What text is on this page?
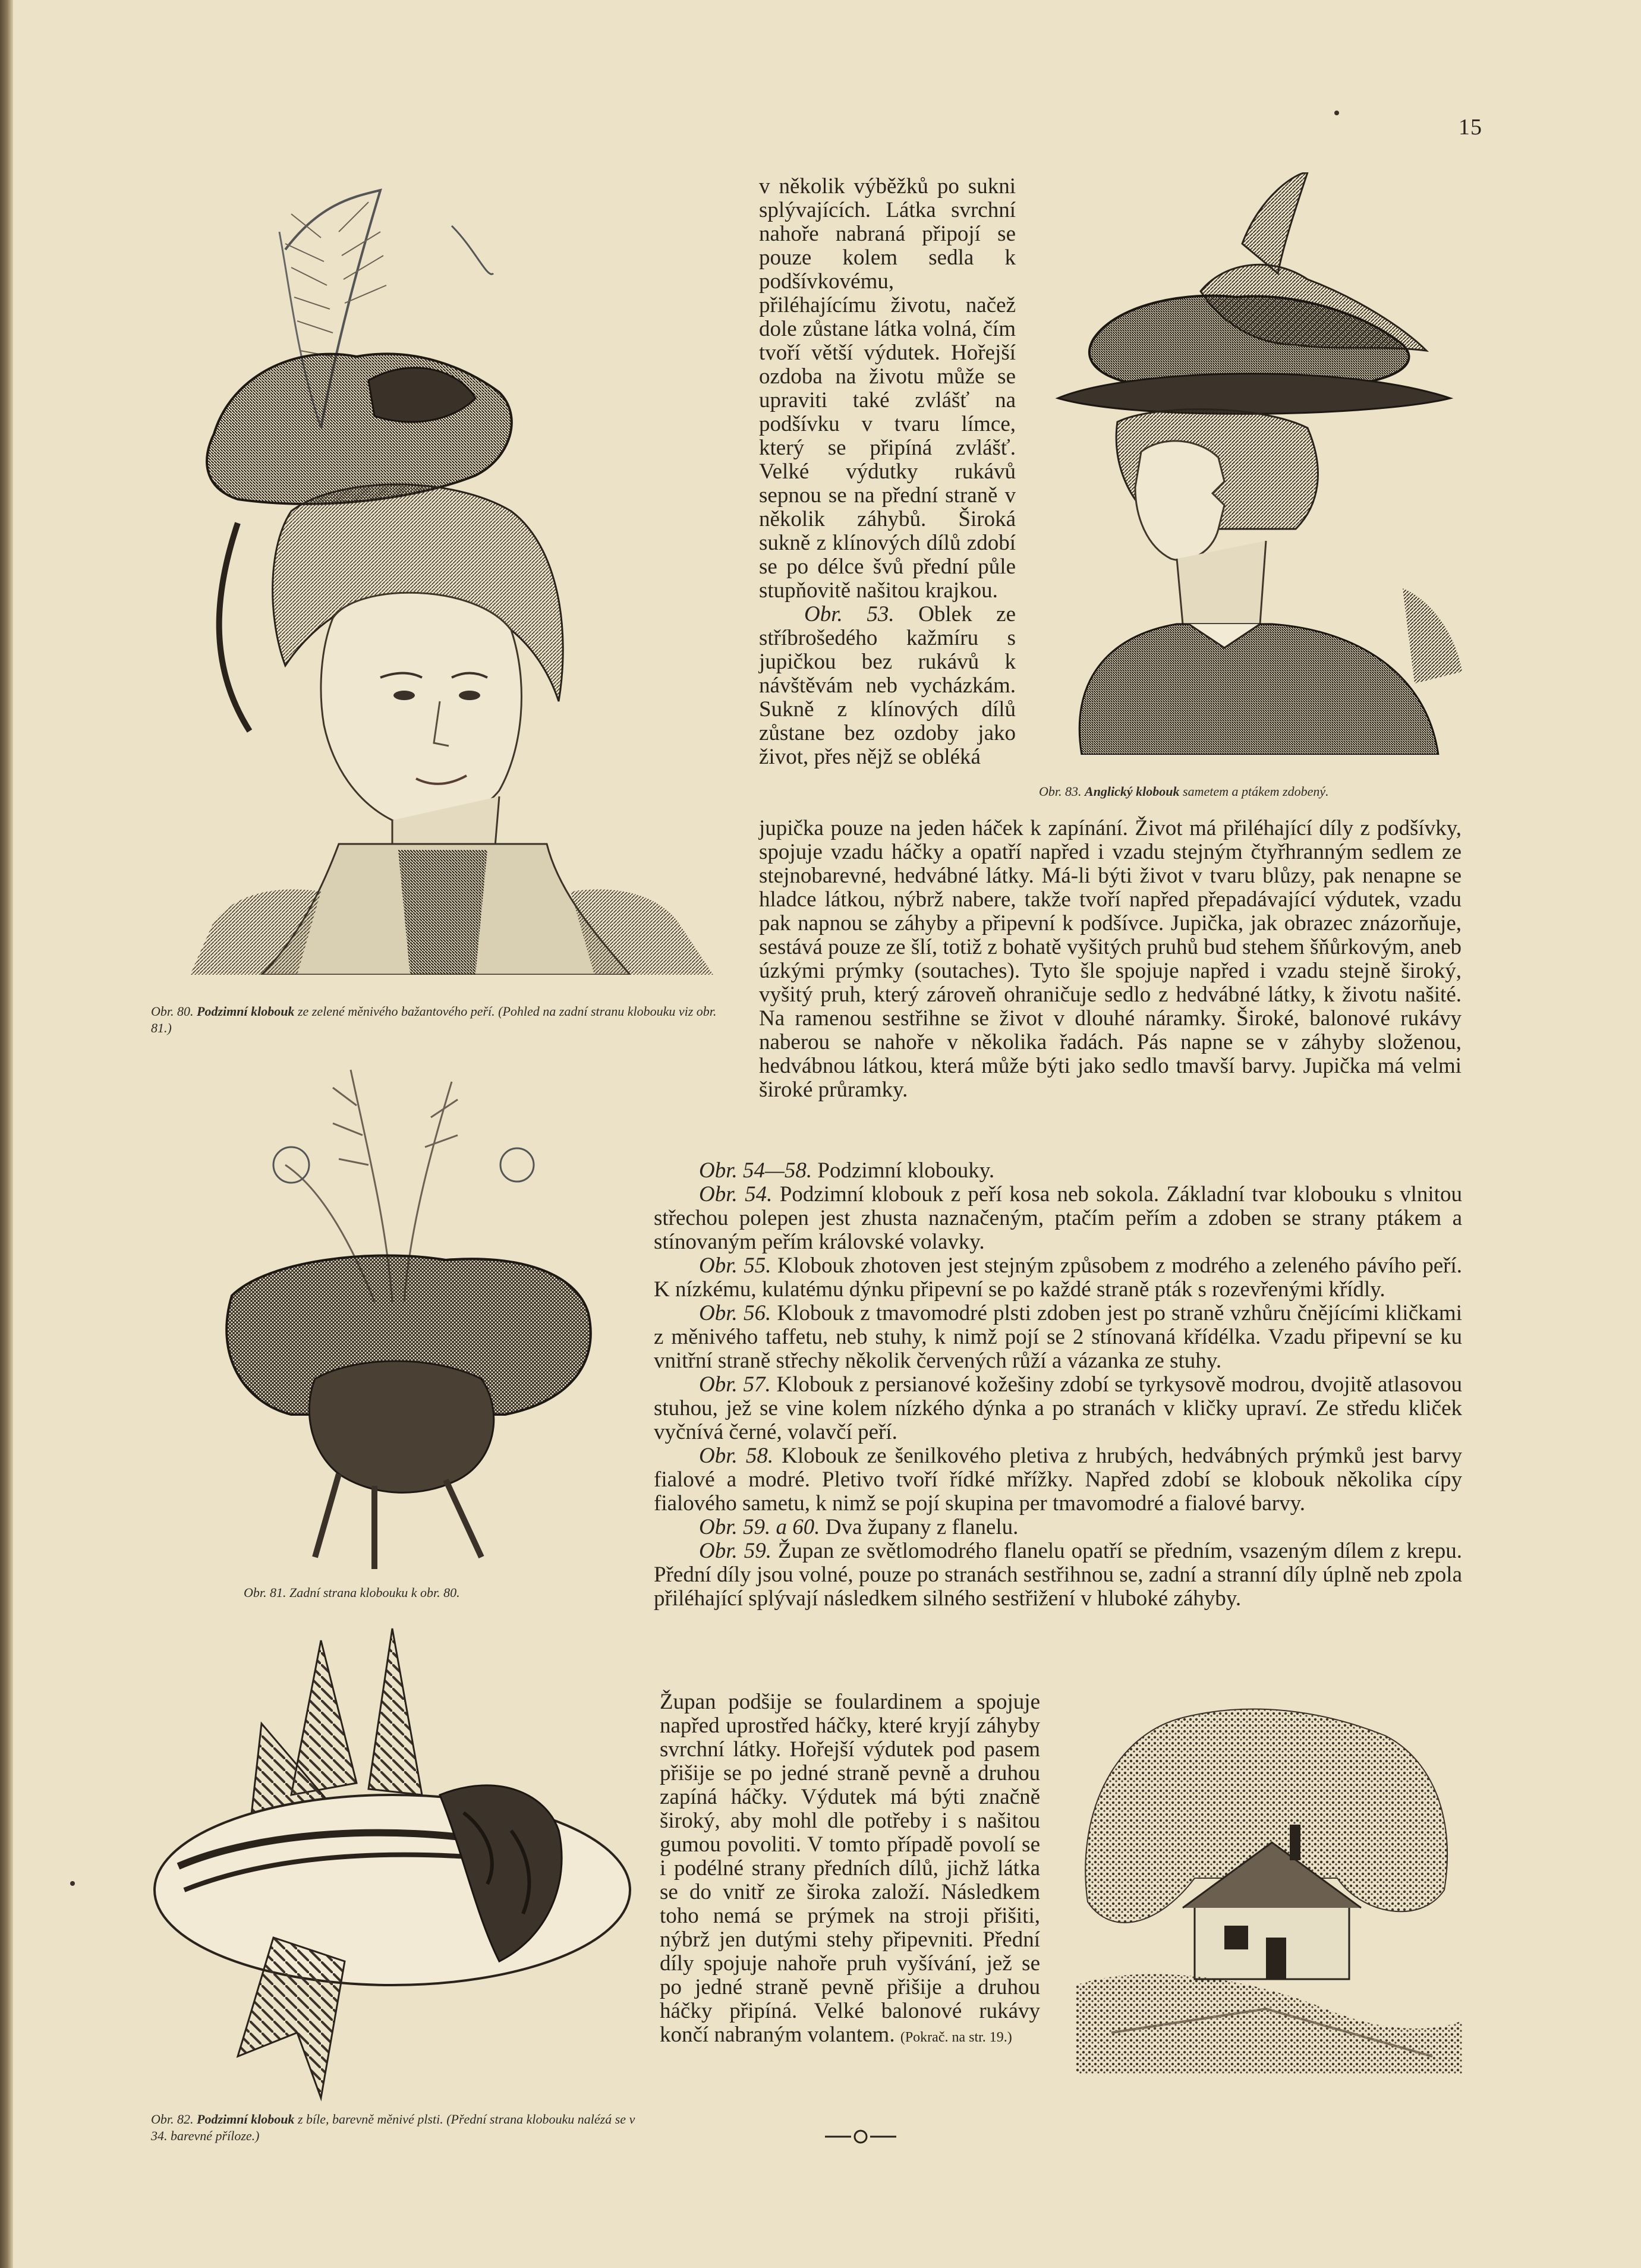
15
Obr. 80. Podzimní klobouk ze zelené měnivého bažantového peří. (Pohled na zadní stranu klobouku viz obr. 81.)
Obr. 81. Zadní strana klobouku k obr. 80.
Obr. 82. Podzimní klobouk z bíle, barevně měnivé plsti. (Přední strana klobouku nalézá se v 34. barevné příloze.)
Obr. 83. Anglický klobouk sametem a ptákem zdobený.

v několik výběžků po sukni splývajících. Látka svrchní nahoře nabraná připojí se pouze kolem sedla k podšívkovému, přiléhajícímu životu, načež dole zůstane látka volná, čím tvoří větší výdutek. Hořejší ozdoba na životu může se upraviti také zvlášť na podšívku v tvaru límce, který se připíná zvlášť. Velké výdutky rukávů sepnou se na přední straně v několik záhybů. Široká sukně z klínových dílů zdobí se po délce švů přední půle stupňovitě našitou krajkou.

Obr. 53. Oblek ze stříbrošedého kažmíru s jupičkou bez rukávů k návštěvám neb vycházkám. Sukně z klínových dílů zůstane bez ozdoby jako život, přes nějž se obléká

jupička pouze na jeden háček k zapínání. Život má přiléhající díly z podšívky, spojuje vzadu háčky a opatří napřed i vzadu stejným čtyřhranným sedlem ze stejnobarevné, hedvábné látky. Má-li býti život v tvaru blůzy, pak nenapne se hladce látkou, nýbrž nabere, takže tvoří napřed přepadávající výdutek, vzadu pak napnou se záhyby a připevní k podšívce. Jupička, jak obrazec znázorňuje, sestává pouze ze šlí, totiž z bohatě vyšitých pruhů bud stehem šňůrkovým, aneb úzkými prýmky (soutaches). Tyto šle spojuje napřed i vzadu stejně široký, vyšitý pruh, který zároveň ohraničuje sedlo z hedvábné látky, k životu našité. Na ramenou sestřihne se život v dlouhé náramky. Široké, balonové rukávy naberou se nahoře v několika řadách. Pás napne se v záhyby složenou, hedvábnou látkou, která může býti jako sedlo tmavší barvy. Jupička má velmi široké průramky.

Obr. 54—58. Podzimní klobouky.

Obr. 54. Podzimní klobouk z peří kosa neb sokola. Základní tvar klobouku s vlnitou střechou polepen jest zhusta naznačeným, ptačím peřím a zdoben se strany ptákem a stínovaným peřím královské volavky.

Obr. 55. Klobouk zhotoven jest stejným způsobem z modrého a zeleného pávího peří. K nízkému, kulatému dýnku připevní se po každé straně pták s rozevřenými křídly.

Obr. 56. Klobouk z tmavomodré plsti zdoben jest po straně vzhůru čnějícími kličkami z měnivého taffetu, neb stuhy, k nimž pojí se 2 stínovaná křídélka. Vzadu připevní se ku vnitřní straně střechy několik červených růží a vázanka ze stuhy.

Obr. 57. Klobouk z persianové kožešiny zdobí se tyrkysově modrou, dvojitě atlasovou stuhou, jež se vine kolem nízkého dýnka a po stranách v kličky upraví. Ze středu kliček vyčnívá černé, volavčí peří.

Obr. 58. Klobouk ze šenilkového pletiva z hrubých, hedvábných prýmků jest barvy fialové a modré. Pletivo tvoří řídké mřížky. Napřed zdobí se klobouk několika cípy fialového sametu, k nimž se pojí skupina per tmavomodré a fialové barvy.

Obr. 59. a 60. Dva župany z flanelu.

Obr. 59. Župan ze světlomodrého flanelu opatří se předním, vsazeným dílem z krepu. Přední díly jsou volné, pouze po stranách sestřihnou se, zadní a stranní díly úplně neb zpola přiléhající splývají následkem silného sestřižení v hluboké záhyby.

Župan podšije se foulardinem a spojuje napřed uprostřed háčky, které kryjí záhyby svrchní látky. Hořejší výdutek pod pasem přišije se po jedné straně pevně a druhou zapíná háčky. Výdutek má býti značně široký, aby mohl dle potřeby i s našitou gumou povoliti. V tomto případě povolí se i podélné strany předních dílů, jichž látka se do vnitř ze široka založí. Následkem toho nemá se prýmek na stroji přišiti, nýbrž jen dutými stehy připevniti. Přední díly spojuje nahoře pruh vyšívání, jež se po jedné straně pevně přišije a druhou háčky připíná. Velké balonové rukávy končí nabraným volantem. (Pokrač. na str. 19.)
